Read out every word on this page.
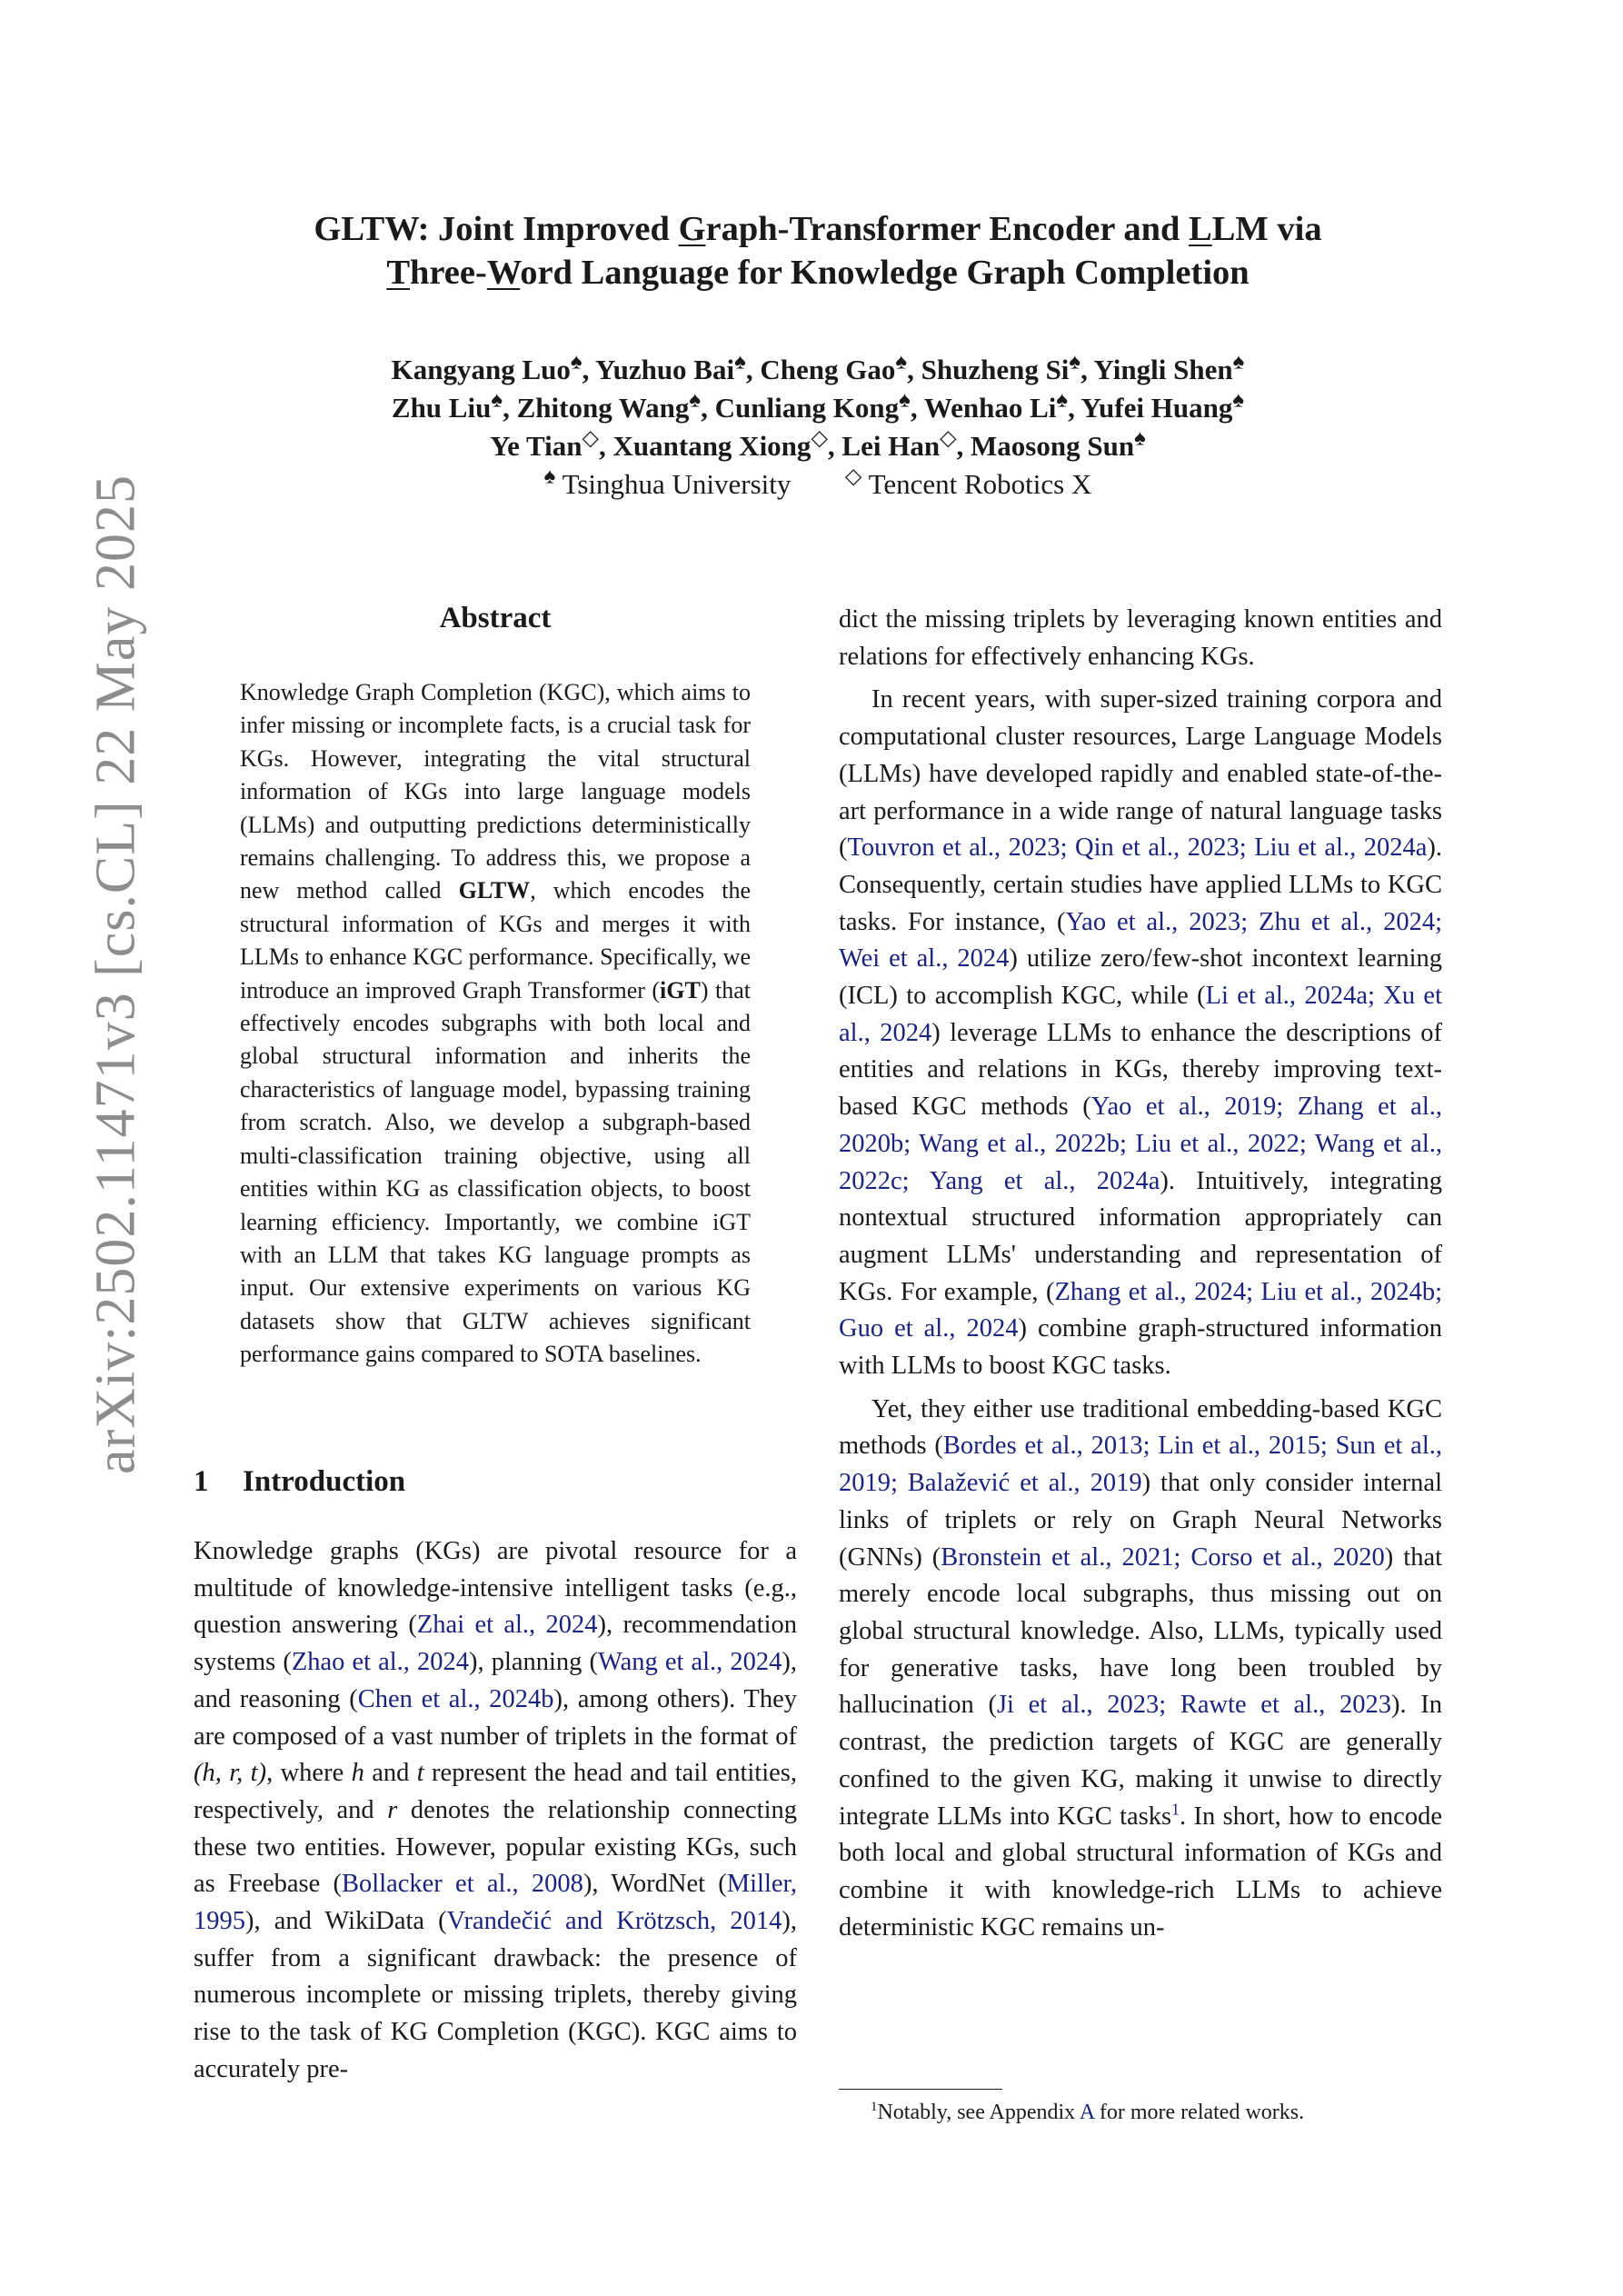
arXiv:2502.11471v3 [cs.CL] 22 May 2025
GLTW: Joint Improved Graph-Transformer Encoder and LLM via
Three-Word Language for Knowledge Graph Completion
Kangyang Luo♠, Yuzhuo Bai♠, Cheng Gao♠, Shuzheng Si♠, Yingli Shen♠
Zhu Liu♠, Zhitong Wang♠, Cunliang Kong♠, Wenhao Li♠, Yufei Huang♠
Ye Tian◇, Xuantang Xiong◇, Lei Han◇, Maosong Sun♠
♠ Tsinghua University ◇ Tencent Robotics X
Abstract
Knowledge Graph Completion (KGC), which aims to infer missing or incomplete facts, is a crucial task for KGs. However, integrating the vital structural information of KGs into large language models (LLMs) and outputting predictions deterministically remains challenging. To address this, we propose a new method called GLTW, which encodes the structural information of KGs and merges it with LLMs to enhance KGC performance. Specifically, we introduce an improved Graph Transformer (iGT) that effectively encodes subgraphs with both local and global structural information and inherits the characteristics of language model, bypassing training from scratch. Also, we develop a subgraph-based multi-classification training objective, using all entities within KG as classification objects, to boost learning efficiency. Importantly, we combine iGT with an LLM that takes KG language prompts as input. Our extensive experiments on various KG datasets show that GLTW achieves significant performance gains compared to SOTA baselines.
1 Introduction

Knowledge graphs (KGs) are pivotal resource for a multitude of knowledge-intensive intelligent tasks (e.g., question answering (Zhai et al., 2024), recommendation systems (Zhao et al., 2024), planning (Wang et al., 2024), and reasoning (Chen et al., 2024b), among others). They are composed of a vast number of triplets in the format of (h, r, t), where h and t represent the head and tail entities, respectively, and r denotes the relationship connecting these two entities. However, popular existing KGs, such as Freebase (Bollacker et al., 2008), WordNet (Miller, 1995), and WikiData (Vrandečić and Krötzsch, 2014), suffer from a significant drawback: the presence of numerous incomplete or missing triplets, thereby giving rise to the task of KG Completion (KGC). KGC aims to accurately pre-

dict the missing triplets by leveraging known entities and relations for effectively enhancing KGs.

In recent years, with super-sized training corpora and computational cluster resources, Large Language Models (LLMs) have developed rapidly and enabled state-of-the-art performance in a wide range of natural language tasks (Touvron et al., 2023; Qin et al., 2023; Liu et al., 2024a). Consequently, certain studies have applied LLMs to KGC tasks. For instance, (Yao et al., 2023; Zhu et al., 2024; Wei et al., 2024) utilize zero/few-shot incontext learning (ICL) to accomplish KGC, while (Li et al., 2024a; Xu et al., 2024) leverage LLMs to enhance the descriptions of entities and relations in KGs, thereby improving text-based KGC methods (Yao et al., 2019; Zhang et al., 2020b; Wang et al., 2022b; Liu et al., 2022; Wang et al., 2022c; Yang et al., 2024a). Intuitively, integrating nontextual structured information appropriately can augment LLMs' understanding and representation of KGs. For example, (Zhang et al., 2024; Liu et al., 2024b; Guo et al., 2024) combine graph-structured information with LLMs to boost KGC tasks.

Yet, they either use traditional embedding-based KGC methods (Bordes et al., 2013; Lin et al., 2015; Sun et al., 2019; Balažević et al., 2019) that only consider internal links of triplets or rely on Graph Neural Networks (GNNs) (Bronstein et al., 2021; Corso et al., 2020) that merely encode local subgraphs, thus missing out on global structural knowledge. Also, LLMs, typically used for generative tasks, have long been troubled by hallucination (Ji et al., 2023; Rawte et al., 2023). In contrast, the prediction targets of KGC are generally confined to the given KG, making it unwise to directly integrate LLMs into KGC tasks$^1$. In short, how to encode both local and global structural information of KGs and combine it with knowledge-rich LLMs to achieve deterministic KGC remains un-

$^1$Notably, see Appendix A for more related works.
